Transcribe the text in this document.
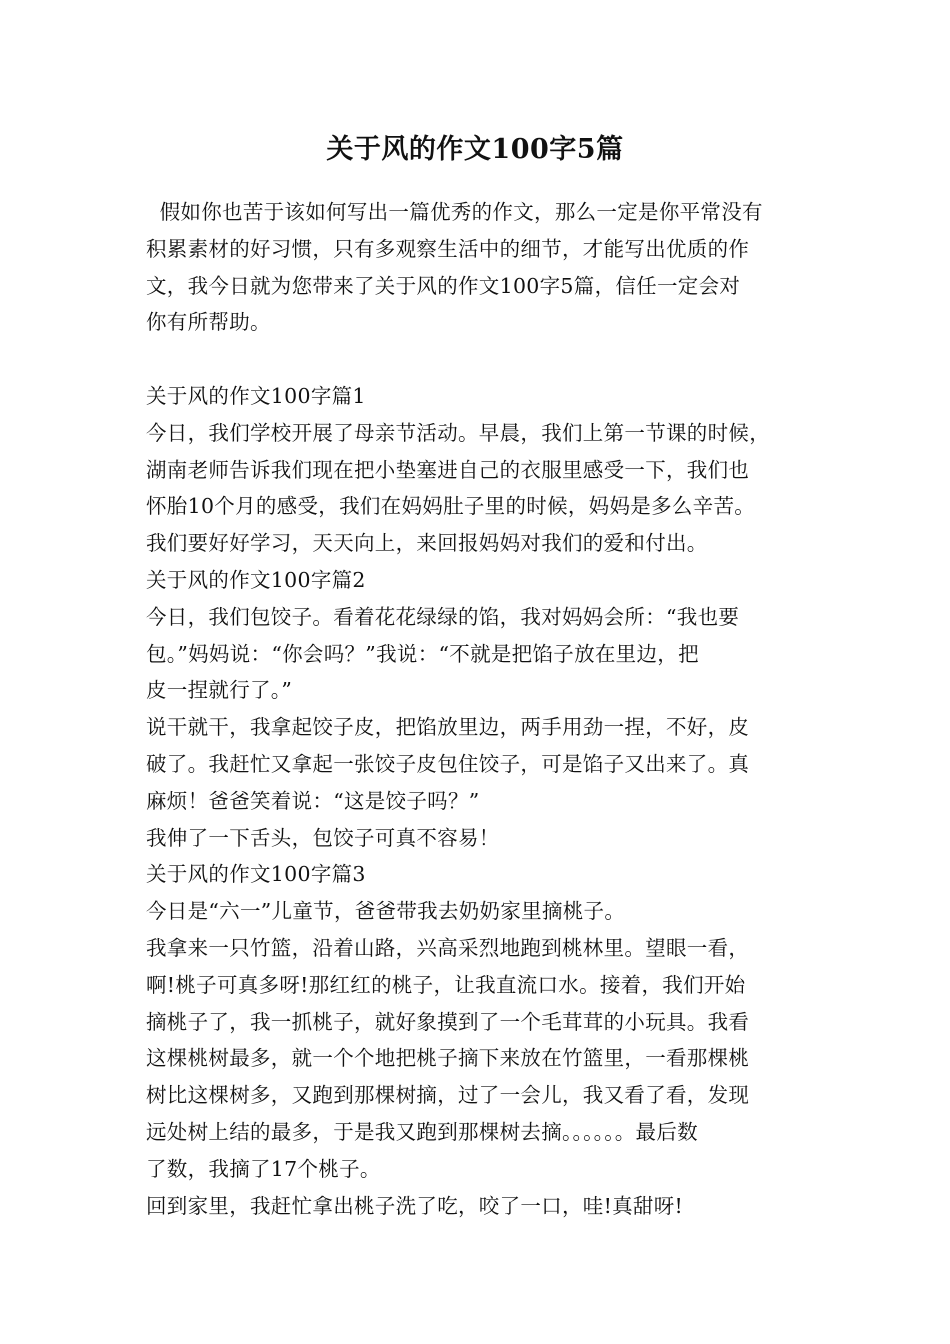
关于风的作文100字5篇
假如你也苦于该如何写出一篇优秀的作文，那么一定是你平常没有
积累素材的好习惯，只有多观察生活中的细节，才能写出优质的作
文，我今日就为您带来了关于风的作文100字5篇，信任一定会对
你有所帮助。
关于风的作文100字篇1
今日，我们学校开展了母亲节活动。早晨，我们上第一节课的时候，
湖南老师告诉我们现在把小垫塞进自己的衣服里感受一下，我们也
怀胎10个月的感受，我们在妈妈肚子里的时候，妈妈是多么辛苦。
我们要好好学习，天天向上，来回报妈妈对我们的爱和付出。
关于风的作文100字篇2
今日，我们包饺子。看着花花绿绿的馅，我对妈妈会所：“我也要
包。”妈妈说：“你会吗？”我说：“不就是把馅子放在里边，把
皮一捏就行了。”
说干就干，我拿起饺子皮，把馅放里边，两手用劲一捏，不好，皮
破了。我赶忙又拿起一张饺子皮包住饺子，可是馅子又出来了。真
麻烦！爸爸笑着说：“这是饺子吗？”
我伸了一下舌头，包饺子可真不容易！
关于风的作文100字篇3
今日是“六一”儿童节，爸爸带我去奶奶家里摘桃子。
我拿来一只竹篮，沿着山路，兴高采烈地跑到桃林里。望眼一看，
啊!桃子可真多呀!那红红的桃子，让我直流口水。接着，我们开始
摘桃子了，我一抓桃子，就好象摸到了一个毛茸茸的小玩具。我看
这棵桃树最多，就一个个地把桃子摘下来放在竹篮里，一看那棵桃
树比这棵树多，又跑到那棵树摘，过了一会儿，我又看了看，发现
远处树上结的最多，于是我又跑到那棵树去摘。。。。。。最后数
了数，我摘了17个桃子。
回到家里，我赶忙拿出桃子洗了吃，咬了一口，哇!真甜呀!
